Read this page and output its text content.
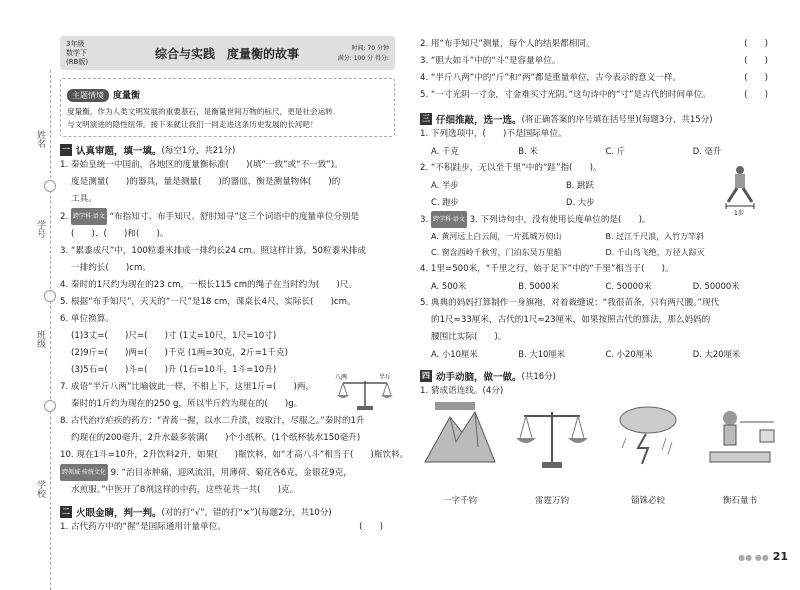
姓名
学号
班级
学校
3年级
数学下
(RB版)
综合与实践　度量衡的故事	时间: 70 分钟
满分: 100 分 得分:
主题情境 度量衡
度量衡，作为人类文明发展的重要基石，是衡量世间万物的标尺，更是社会运转
与文明演进的隐性纽带。接下来就让我们一同走进这条历史发展的长河吧！
一 认真审题，填一填。 (每空1分，共21分)
1. 秦始皇统一中国前，各地区的度量衡标准(　　)(填“一致”或“不一致”)。
度是测量(　　)的器具，量是测量(　　)的器皿，衡是测量物体(　　)的
工具。
2. 跨学科·语文 “布指知寸、布手知尺、舒肘知寻”这三个词语中的度量单位分别是
(　　)、(　　)和(　　)。
3. “累黍成尺”中，100粒黍米排成一排约长24 cm。照这样计算，50粒黍米排成
一排约长(　　)cm。
4. 秦时的1尺约为现在的23 cm，一根长115 cm的绳子在当时约为(　　)尺。
5. 根据“布手知尺”，天天的“一尺”是18 cm，课桌长4尺，实际长(　　)cm。
6. 单位换算。
(1)3丈=(　　)尺=(　　)寸 (1丈=10尺，1尺=10寸)
(2)9斤=(　　)两=(　　)千克 (1两=30克，2斤=1千克)
(3)5石=(　　)斗=(　　)升 (1石=10斗，1斗=10升)
八两	半斤
7. 成语“半斤八两”比喻彼此一样，不相上下，这里1斤=(　　)两，
秦时的1斤约为现在的250 g，所以半斤约为现在的(　　)g。
8. 古代治疗疟疾的药方：“青蒿一握，以水二升渍，绞取汁，尽服之。”秦时的1升
约现在的200毫升，2升水最多装满(　　)个小纸杯。(1个纸杯装水150毫升)
10. 现在1斗=10升，2升饮料2升，如果(　　)瓶饮料，如“才高八斗”相当于(　　)瓶饮料。
跨领域·传统文化 9. “治目赤肿痛，迎风流泪，用薄荷、菊花各6克，金银花9克，
水煎服。”中医开了8剂这样的中药，这些花共一共(　　)克。
二 火眼金睛，判一判。 (对的打“√”，错的打“×”)(每题2分，共10分)
1. 古代药方中的“握”是国际通用计量单位。	(　　)
2. 用“布手知尺”测量，每个人的结果都相同。	(　　)
3. “胆大如斗”中的“斗”是容量单位。	(　　)
4. “半斤八两”中的“斤”和“两”都是重量单位，古今表示的意义一样。	(　　)
5. “一寸光阴一寸金，寸金难买寸光阴。”这句诗中的“寸”是古代的时间单位。	(　　)
三 仔细推敲，选一选。 (将正确答案的序号填在括号里)(每题3分，共15分)
1. 下列选项中，(　　)不是国际单位。
A. 千克	B. 米	C. 斤	D. 毫升
2. “不积跬步，无以至千里”中的“跬”指(　　)。
A. 半步	B. 跳跃
C. 跑步	D. 大步
1步
3. 跨学科·语文 3. 下列诗句中，没有使用长度单位的是(　　)。
A. 黄河远上白云间，一片孤城万仞山	B. 过江千尺浪，入竹万竿斜
C. 窗含西岭千秋雪，门泊东吴万里船	D. 千山鸟飞绝，万径人踪灭
4. 1里=500米，“千里之行，始于足下”中的“千里”相当于(　　)。
A. 500米	B. 5000米	C. 50000米	D. 50000米
5. 典典的妈妈打算制作一身旗袍，对着裁缝说：“我很苗条，只有两尺腰。”现代
的1尺≈33厘米，古代的1尺≈23厘米，如果按照古代的算法，那么妈妈的
腰围比实际(　　)。
A. 小10厘米	B. 大10厘米	C. 小20厘米	D. 大20厘米
四 动手动脑，做一做。 (共16分)
1. 猜成语连线。(4分)
一字千钧	雷霆万钧	锱铢必较	衡石量书
●● ●● 21
